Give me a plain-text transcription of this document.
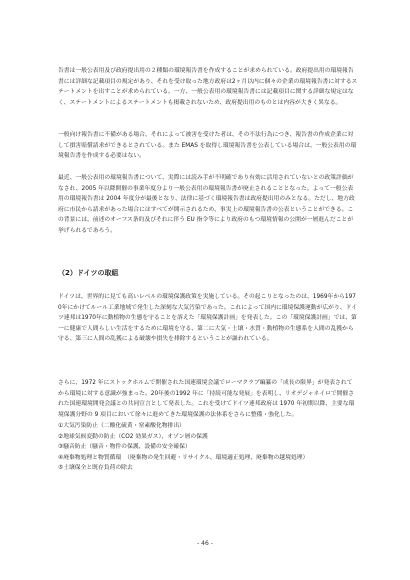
告書は一般公表用及び政府提出用の２種類の環境報告書を作成することが求められている。政府提出用の環境報告書には詳細な記載項目の規定があり、それを受け取った地方政府は2ヶ月以内に個々の企業の環境報告書に対するステートメントを出すことが求められている。一方、一般公表用の環境報告書には記載項目に関する詳細な規定はなく、ステートメントによるステートメントも掲載されないため、政府提出用のものとは内容が大きく異なる。
一般向け報告書に不備がある場合、それによって被害を受けた者は、その不法行為につき、報告書の作成企業に対して損害賠償請求ができるとされている。また EMAS を取得し環境報告書を公表している場合は、一般公表用の環境報告書を作成する必要はない。
最近、一般公表用の環境報告書について、実際には読み手が不明確であり有効に活用されていないとの政策評価がなされ、2005 年以降開催の事業年度分より一般公表用の環境報告書が廃止されることとなった。よって一般公表用の環境報告書は 2004 年度分が最後となり、法律に基づく環境報告書は政府提出用のみとなる。ただし、地方政府に市民から請求があった場合にはすべてが開示されるため、事実上の環境報告書の公表ということができる。この背景には、前述のオーフス条約及びそれに伴う EU 指令等により政府のもつ環境情報の公開が一層進んだことが挙げられるであろう。
（2）ドイツの取組
ドイツは、世界的に見ても高いレベルの環境保護政策を実施している。その起こりとなったのは、1969年から1970年にかけてルール工業地域で発生した深刻な大気汚染であった。これによって国内に環境保護運動が広がり、ドイツ連邦は1970年に動植物の生態を守ることを訴えた「環境保護計画」を発表した。この「環境保護計画」では、第一に健康で人間らしい生活をするために環境を守る、第二に大気・土壌・水質・動植物の生態系を人間の乱獲から守る、第三に人間の乱獲による破壊や損失を排除するということが謳われている。
さらに、1972 年にストックホルムで開催された国連環境会議でローマクラブ編纂の「成長の限界」が発表されてから環境に対する意識が強まった。20年後の1992 年に「持続可能な発展」を表明し、リオデジャネイロで開催された国連環境開発会議との共同宣言として発表した。これを受けてドイツ連邦政府は 1970 年初期以降、主要な環境保護分野の 9 項目において徐々に進めてきた環境保護の法体系をさらに整備・強化した。
①大気汚染防止（二酸化硫黄・窒素酸化物排出）
②地球気候変動の防止（CO2 効果ガス）、オゾン層の保護
③騒音防止（騒音・物件の保護、設備の安全確保）
④廃棄物処理と物質循環　（廃棄物の発生回避・リサイクル、環境適正処理、廃棄物の越境処理）
⑤土壌保全と既存負荷の除去
- 46 -
